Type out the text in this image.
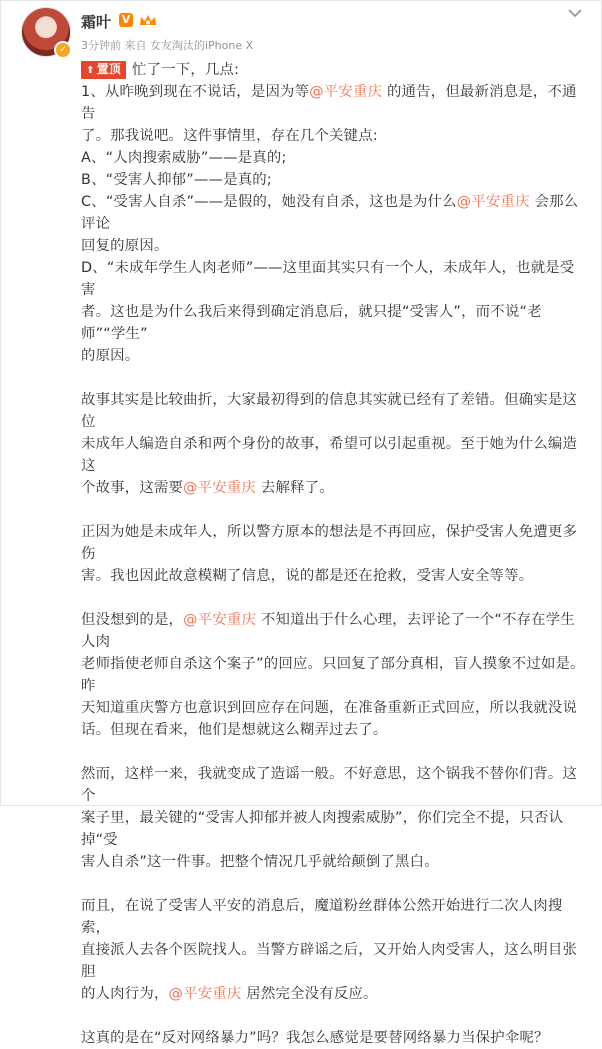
✓
霜叶 V
3分钟前 来自 女友淘汰的iPhone X

⬆ 置顶 忙了一下，几点:

1、从昨晚到现在不说话，是因为等@平安重庆 的通告，但最新消息是，不通告

了。那我说吧。这件事情里，存在几个关键点:

A、“人肉搜索威胁”——是真的;

B、“受害人抑郁”——是真的;

C、“受害人自杀”——是假的，她没有自杀，这也是为什么@平安重庆 会那么评论

回复的原因。

D、“未成年学生人肉老师”——这里面其实只有一个人，未成年人，也就是受害

者。这也是为什么我后来得到确定消息后，就只提“受害人”，而不说“老师”“学生”

的原因。

故事其实是比较曲折，大家最初得到的信息其实就已经有了差错。但确实是这位

未成年人编造自杀和两个身份的故事，希望可以引起重视。至于她为什么编造这

个故事，这需要@平安重庆 去解释了。

正因为她是未成年人，所以警方原本的想法是不再回应，保护受害人免遭更多伤

害。我也因此故意模糊了信息，说的都是还在抢救，受害人安全等等。

但没想到的是，@平安重庆 不知道出于什么心理，去评论了一个“不存在学生人肉

老师指使老师自杀这个案子”的回应。只回复了部分真相，盲人摸象不过如是。昨

天知道重庆警方也意识到回应存在问题，在准备重新正式回应，所以我就没说

话。但现在看来，他们是想就这么糊弄过去了。

然而，这样一来，我就变成了造谣一般。不好意思，这个锅我不替你们背。这个

案子里，最关键的“受害人抑郁并被人肉搜索威胁”，你们完全不提，只否认掉“受

害人自杀”这一件事。把整个情况几乎就给颠倒了黑白。

而且，在说了受害人平安的消息后，魔道粉丝群体公然开始进行二次人肉搜索，

直接派人去各个医院找人。当警方辟谣之后，又开始人肉受害人，这么明目张胆

的人肉行为，@平安重庆 居然完全没有反应。

这真的是在“反对网络暴力”吗？我怎么感觉是要替网络暴力当保护伞呢？
